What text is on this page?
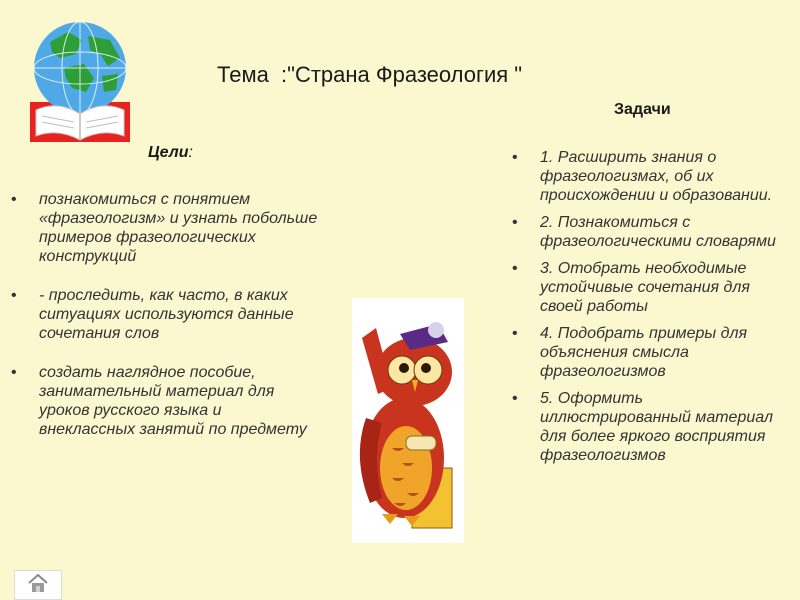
Тема  :"Страна Фразеология "
Цели:
• познакомиться с понятием «фразеологизм» и узнать побольше примеров фразеологических конструкций
• - проследить, как часто, в каких ситуациях используются данные сочетания слов
• создать наглядное пособие, занимательный материал для уроков русского языка и внеклассных занятий по предмету
Задачи
• 1. Расширить знания о фразеологизмах, об их происхождении и образовании.
• 2. Познакомиться с фразеологическими словарями
• 3. Отобрать необходимые устойчивые сочетания для своей работы
• 4. Подобрать примеры для объяснения смысла фразеологизмов
• 5. Оформить иллюстрированный материал для более яркого восприятия фразеологизмов
